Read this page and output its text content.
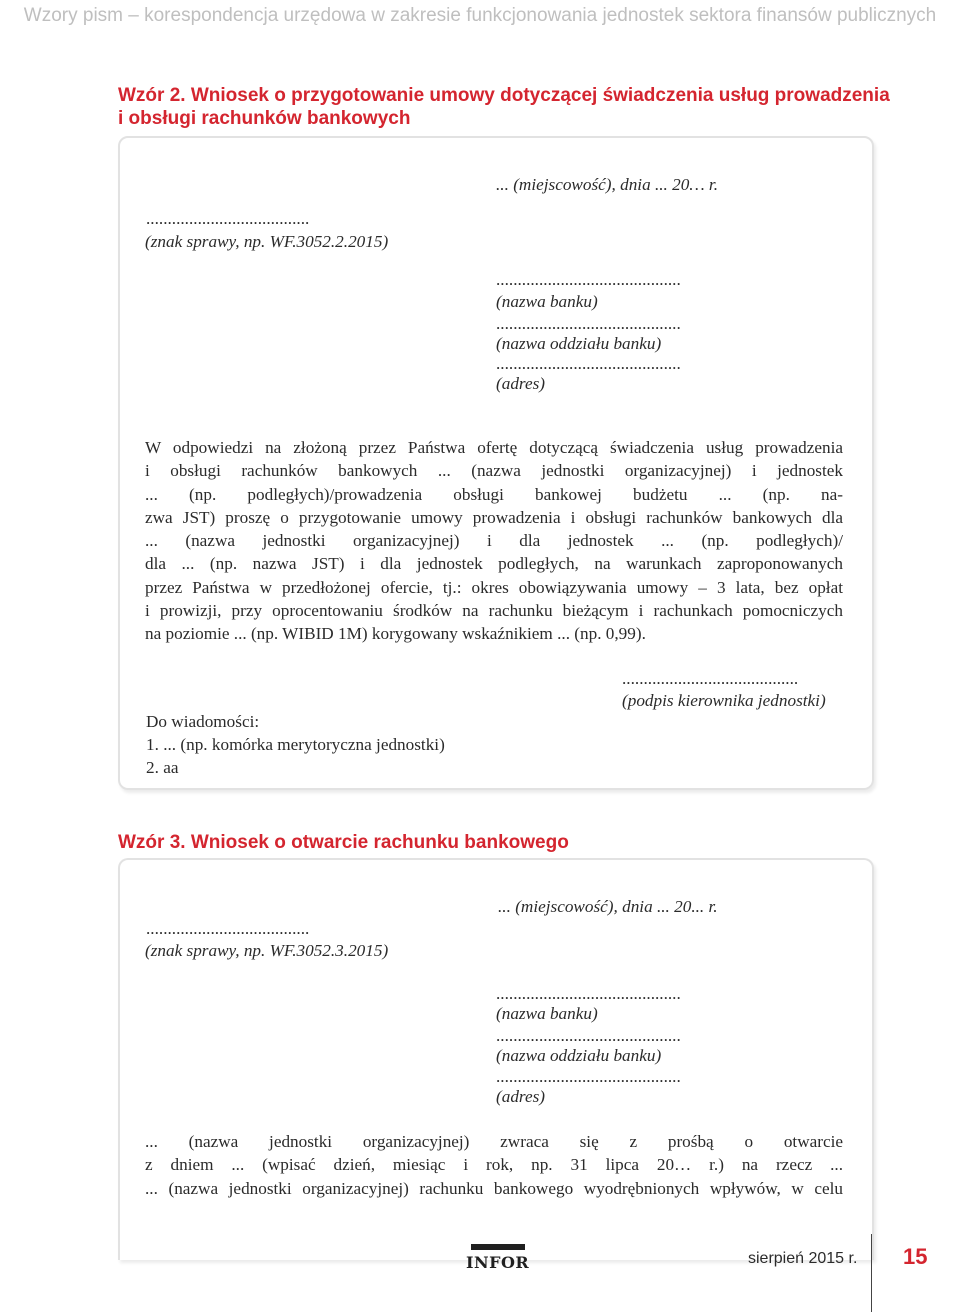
Wzory pism – korespondencja urzędowa w zakresie funkcjonowania jednostek sektora finansów publicznych
Wzór 2. Wniosek o przygotowanie umowy dotyczącej świadczenia usług prowadzenia
i obsługi rachunków bankowych
... (miejscowość), dnia ... 20… r.
......................................
(znak sprawy, np. WF.3052.2.2015)
...........................................
(nazwa banku)
...........................................
(nazwa oddziału banku)
...........................................
(adres)
W odpowiedzi na złożoną przez Państwa ofertę dotyczącą świadczenia usług prowadzenia
i obsługi rachunków bankowych ... (nazwa jednostki organizacyjnej) i jednostek
... (np. podległych)/prowadzenia obsługi bankowej budżetu ... (np. na-
zwa JST) proszę o przygotowanie umowy prowadzenia i obsługi rachunków bankowych dla
... (nazwa jednostki organizacyjnej) i dla jednostek ... (np. podległych)/
dla ... (np. nazwa JST) i dla jednostek podległych, na warunkach zaproponowanych
przez Państwa w przedłożonej ofercie, tj.: okres obowiązywania umowy – 3 lata, bez opłat
i prowizji, przy oprocentowaniu środków na rachunku bieżącym i rachunkach pomocniczych
na poziomie ... (np. WIBID 1M) korygowany wskaźnikiem ... (np. 0,99).
.........................................
(podpis kierownika jednostki)
Do wiadomości:
1. ... (np. komórka merytoryczna jednostki)
2. aa
Wzór 3. Wniosek o otwarcie rachunku bankowego
... (miejscowość), dnia ... 20... r.
......................................
(znak sprawy, np. WF.3052.3.2015)
...........................................
(nazwa banku)
...........................................
(nazwa oddziału banku)
...........................................
(adres)
... (nazwa jednostki organizacyjnej) zwraca się z prośbą o otwarcie
z dniem ... (wpisać dzień, miesiąc i rok, np. 31 lipca 20… r.) na rzecz ...
... (nazwa jednostki organizacyjnej) rachunku bankowego wyodrębnionych wpływów, w celu
INFOR	sierpień 2015 r. 15
